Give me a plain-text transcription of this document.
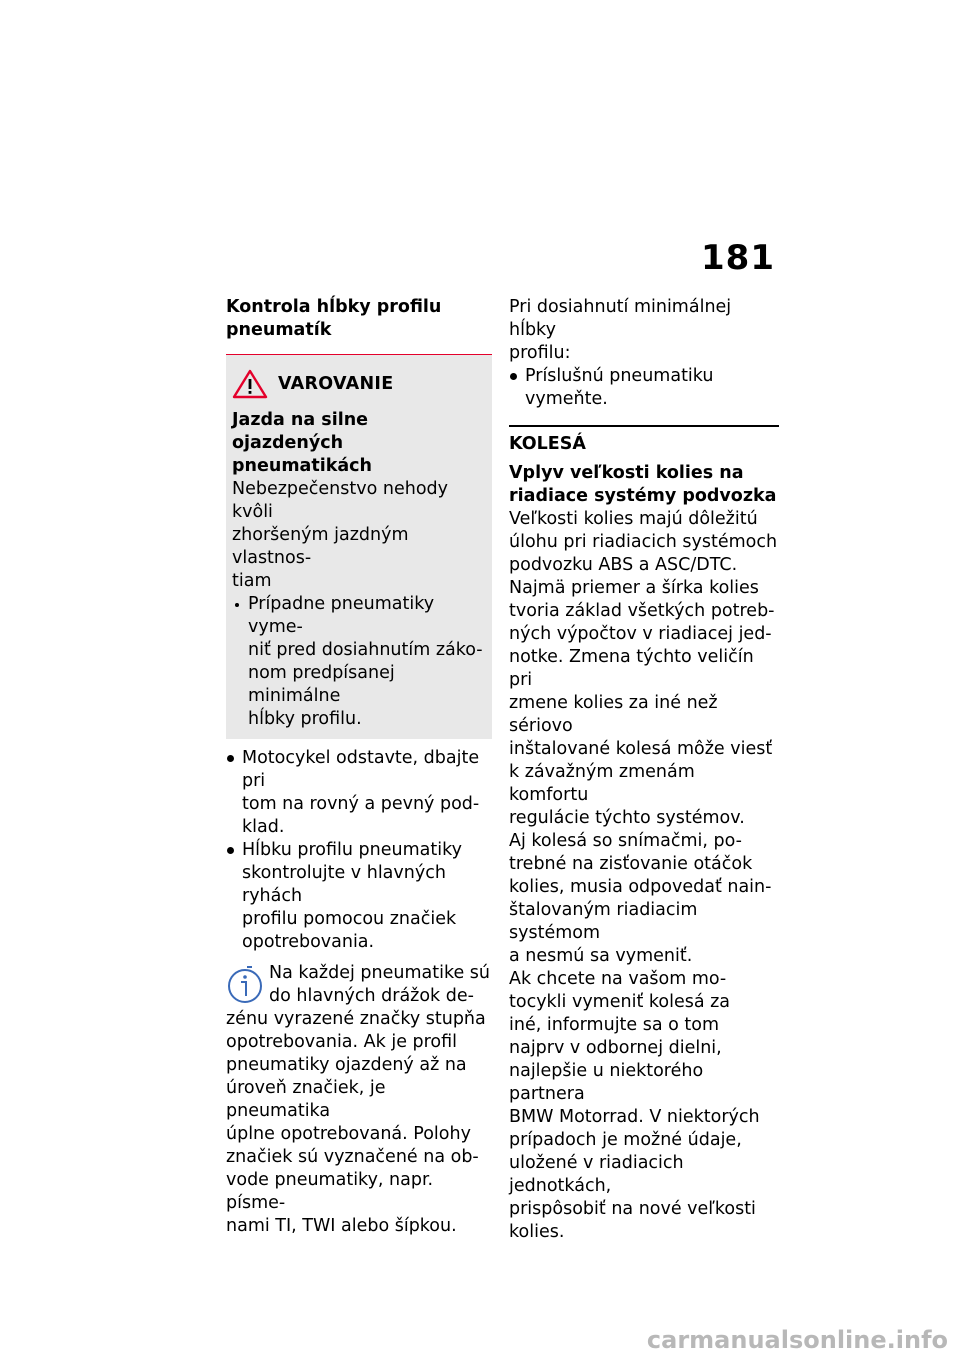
181
Kontrola hĺbky profilu
pneumatík
VAROVANIE
Jazda na silne ojazdených
pneumatikách
Nebezpečenstvo nehody kvôli
zhoršeným jazdným vlastnos-
tiam
Prípadne pneumatiky vyme-
niť pred dosiahnutím záko-
nom predpísanej minimálne
hĺbky profilu.
Motocykel odstavte, dbajte pri
tom na rovný a pevný pod-
klad.
Hĺbku profilu pneumatiky
skontrolujte v hlavných ryhách
profilu pomocou značiek
opotrebovania.
Na každej pneumatike sú
do hlavných drážok de-
zénu vyrazené značky stupňa
opotrebovania. Ak je profil
pneumatiky ojazdený až na
úroveň značiek, je pneumatika
úplne opotrebovaná. Polohy
značiek sú vyznačené na ob-
vode pneumatiky, napr. písme-
nami TI, TWI alebo šípkou.
Pri dosiahnutí minimálnej hĺbky
profilu:
Príslušnú pneumatiku
vymeňte.
KOLESÁ
Vplyv veľkosti kolies na
riadiace systémy podvozka
Veľkosti kolies majú dôležitú
úlohu pri riadiacich systémoch
podvozku ABS a ASC/DTC.
Najmä priemer a šírka kolies
tvoria základ všetkých potreb-
ných výpočtov v riadiacej jed-
notke. Zmena týchto veličín pri
zmene kolies za iné než sériovo
inštalované kolesá môže viesť
k závažným zmenám komfortu
regulácie týchto systémov.
Aj kolesá so snímačmi, po-
trebné na zisťovanie otáčok
kolies, musia odpovedať nain-
štalovaným riadiacim systémom
a nesmú sa vymeniť.
Ak chcete na vašom mo-
tocykli vymeniť kolesá za
iné, informujte sa o tom
najprv v odbornej dielni,
najlepšie u niektorého partnera
BMW Motorrad. V niektorých
prípadoch je možné údaje,
uložené v riadiacich jednotkách,
prispôsobiť na nové veľkosti
kolies.
carmanualsonline.info
